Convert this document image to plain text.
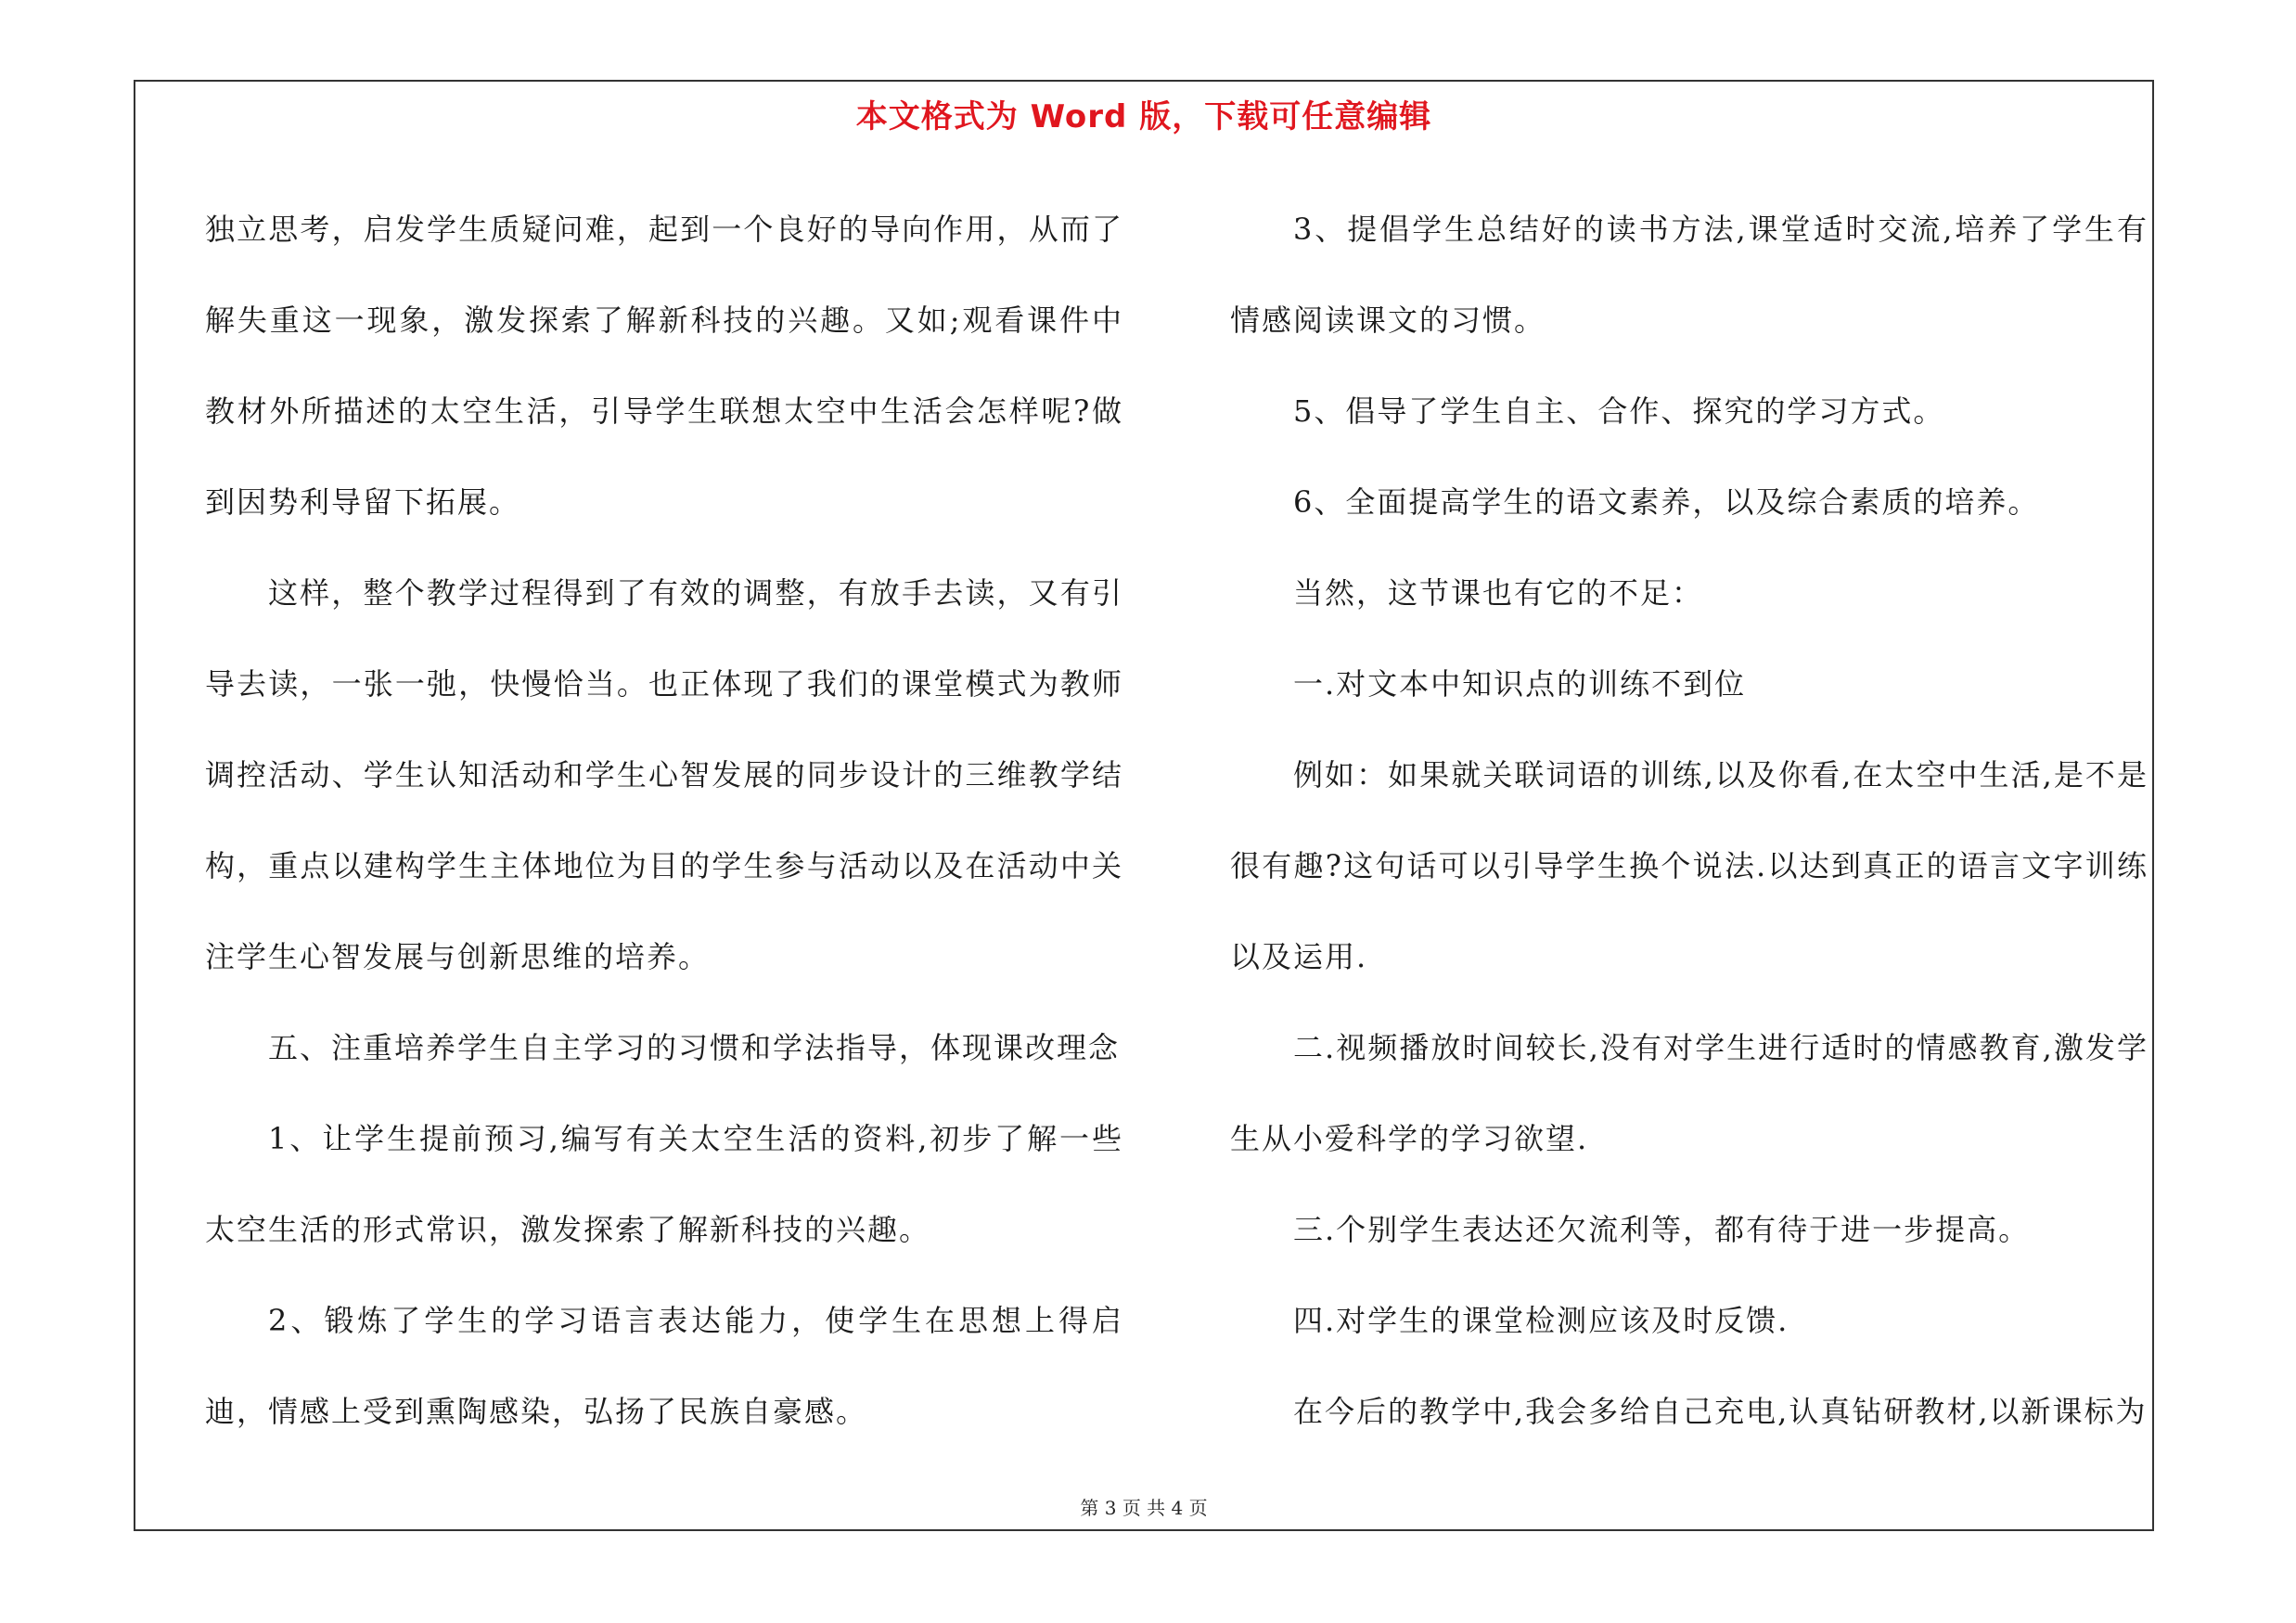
本文格式为 Word 版，下载可任意编辑

独立思考，启发学生质疑问难，起到一个良好的导向作用，从而了解失重这一现象，激发探索了解新科技的兴趣。又如;观看课件中教材外所描述的太空生活，引导学生联想太空中生活会怎样呢?做到因势利导留下拓展。

这样，整个教学过程得到了有效的调整，有放手去读，又有引导去读，一张一弛，快慢恰当。也正体现了我们的课堂模式为教师调控活动、学生认知活动和学生心智发展的同步设计的三维教学结构，重点以建构学生主体地位为目的学生参与活动以及在活动中关注学生心智发展与创新思维的培养。

五、注重培养学生自主学习的习惯和学法指导，体现课改理念

1、让学生提前预习,编写有关太空生活的资料,初步了解一些太空生活的形式常识，激发探索了解新科技的兴趣。

2、锻炼了学生的学习语言表达能力，使学生在思想上得启迪，情感上受到熏陶感染，弘扬了民族自豪感。

3、提倡学生总结好的读书方法,课堂适时交流,培养了学生有情感阅读课文的习惯。

5、倡导了学生自主、合作、探究的学习方式。

6、全面提高学生的语文素养，以及综合素质的培养。

当然，这节课也有它的不足：

一.对文本中知识点的训练不到位

例如：如果就关联词语的训练,以及你看,在太空中生活,是不是很有趣?这句话可以引导学生换个说法.以达到真正的语言文字训练以及运用.

二.视频播放时间较长,没有对学生进行适时的情感教育,激发学生从小爱科学的学习欲望.

三.个别学生表达还欠流利等，都有待于进一步提高。

四.对学生的课堂检测应该及时反馈.

在今后的教学中,我会多给自己充电,认真钻研教材,以新课标为

第 3 页 共 4 页
